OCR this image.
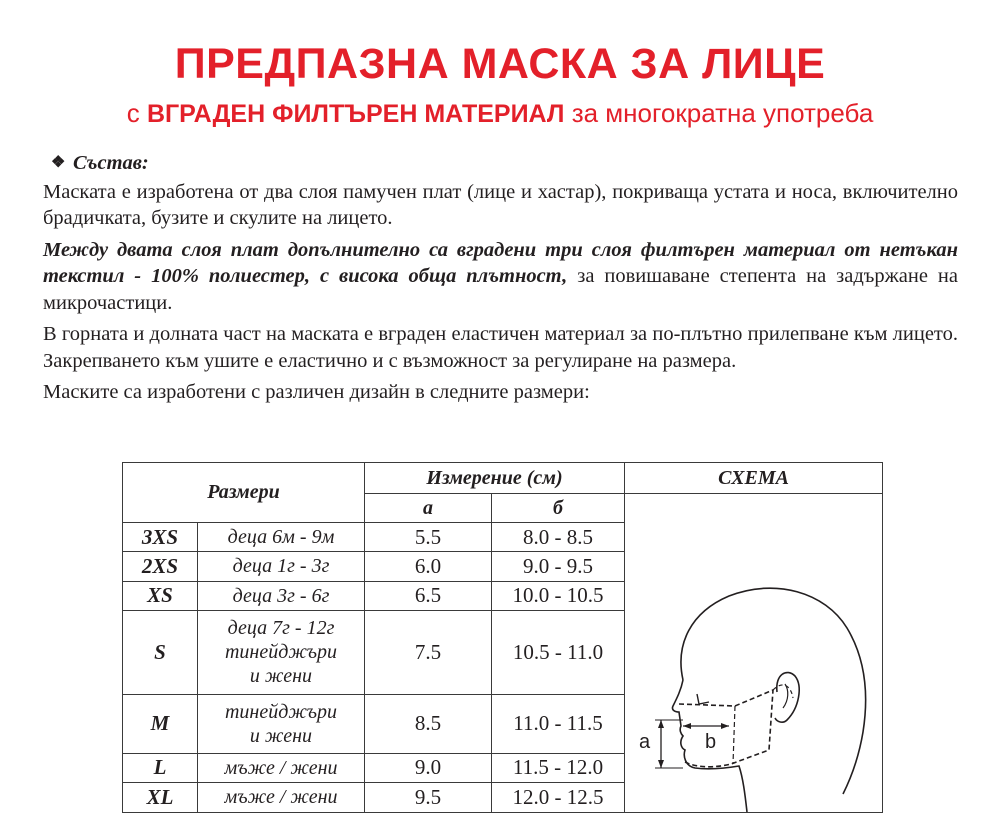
ПРЕДПАЗНА МАСКА ЗА ЛИЦЕ
с ВГРАДЕН ФИЛТЪРЕН МАТЕРИАЛ за многократна употреба
❖ Състав:

Маската е изработена от два слоя памучен плат (лице и хастар), покриваща устата и носа, включително брадичката, бузите и скулите на лицето.

Между двата слоя плат допълнително са вградени три слоя филтърен материал от нетъкан текстил - 100% полиестер, с висока обща плътност, за повишаване степента на задържане на микрочастици.

В горната и долната част на маската е вграден еластичен материал за по-плътно прилепване към лицето. Закрепването към ушите е еластично и с възможност за регулиране на размера.

Маските са изработени с различен дизайн в следните размери:

Размери		Измерение (см)		СХЕМА
		а	б	a b

3XS	деца 6м - 9м	5.5	8.0 - 8.5	
2XS	деца 1г - 3г	6.0	9.0 - 9.5	
XS	деца 3г - 6г	6.5	10.0 - 10.5	
S	деца 7г - 12г
тинейджъри
и жени	7.5	10.5 - 11.0	
M	тинейджъри
и жени	8.5	11.0 - 11.5	
L	мъже / жени	9.0	11.5 - 12.0	
XL	мъже / жени	9.5	12.0 - 12.5	
